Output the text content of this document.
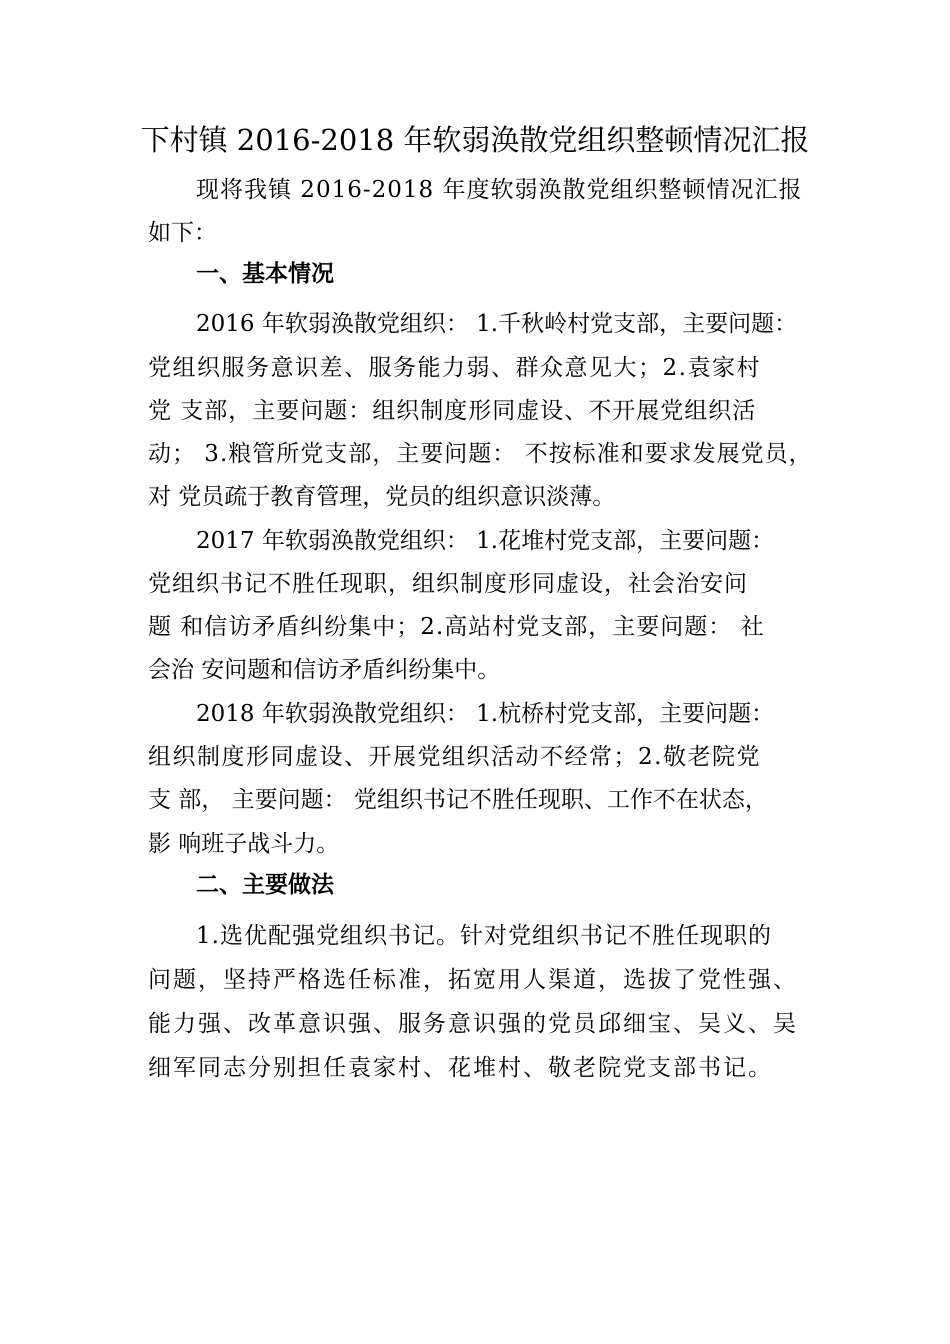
下村镇 2016-2018 年软弱涣散党组织整顿情况汇报
现将我镇 2016-2018 年度软弱涣散党组织整顿情况汇报
如下：
一、基本情况
2016 年软弱涣散党组织： 1.千秋岭村党支部，主要问题：
党组织服务意识差、服务能力弱、群众意见大；2.袁家村
党 支部，主要问题：组织制度形同虚设、不开展党组织活
动； 3.粮管所党支部，主要问题： 不按标准和要求发展党员，
对 党员疏于教育管理，党员的组织意识淡薄。
2017 年软弱涣散党组织： 1.花堆村党支部，主要问题：
党组织书记不胜任现职，组织制度形同虚设，社会治安问
题 和信访矛盾纠纷集中；2.高站村党支部，主要问题： 社
会治 安问题和信访矛盾纠纷集中。
2018 年软弱涣散党组织： 1.杭桥村党支部，主要问题：
组织制度形同虚设、开展党组织活动不经常；2.敬老院党
支 部， 主要问题： 党组织书记不胜任现职、工作不在状态，
影 响班子战斗力。
二、主要做法
1.选优配强党组织书记。针对党组织书记不胜任现职的
问题，坚持严格选任标准，拓宽用人渠道，选拔了党性强、
能力强、改革意识强、服务意识强的党员邱细宝、吴义、吴
细军同志分别担任袁家村、花堆村、敬老院党支部书记。
